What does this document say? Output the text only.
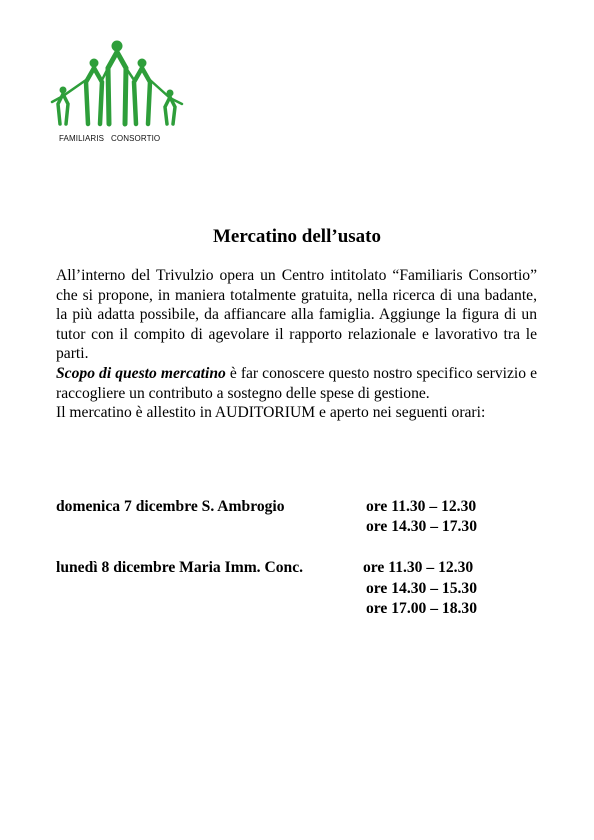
FAMILIARIS CONSORTIO
Mercatino dell’usato

All’interno del Trivulzio opera un Centro intitolato “Familiaris Consortio” che si propone, in maniera totalmente gratuita, nella ricerca di una badante, la più adatta possibile, da affiancare alla famiglia. Aggiunge la figura di un tutor con il compito di agevolare il rapporto relazionale e lavorativo tra le parti.

Scopo di questo mercatino è far conoscere questo nostro specifico servizio e raccogliere un contributo a sostegno delle spese di gestione.

Il mercatino è allestito in AUDITORIUM e aperto nei seguenti orari:

domenica 7 dicembre S. Ambrogio	ore 11.30 – 12.30
ore 14.30 – 17.30
lunedì 8 dicembre Maria Imm. Conc.	ore 11.30 – 12.30
ore 14.30 – 15.30
ore 17.00 – 18.30
